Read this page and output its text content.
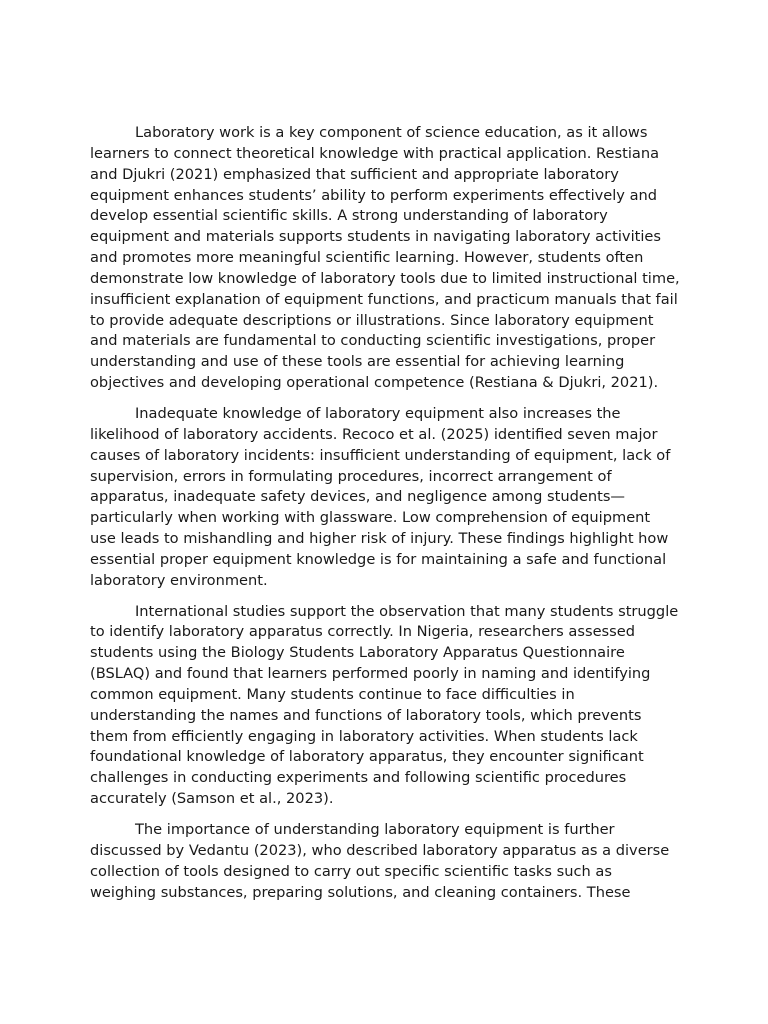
Laboratory work is a key component of science education, as it allows learners to connect theoretical knowledge with practical application. Restiana and Djukri (2021) emphasized that sufficient and appropriate laboratory equipment enhances students’ ability to perform experiments effectively and develop essential scientific skills. A strong understanding of laboratory equipment and materials supports students in navigating laboratory activities and promotes more meaningful scientific learning. However, students often demonstrate low knowledge of laboratory tools due to limited instructional time, insufficient explanation of equipment functions, and practicum manuals that fail to provide adequate descriptions or illustrations. Since laboratory equipment and materials are fundamental to conducting scientific investigations, proper understanding and use of these tools are essential for achieving learning objectives and developing operational competence (Restiana & Djukri, 2021).

Inadequate knowledge of laboratory equipment also increases the likelihood of laboratory accidents. Recoco et al. (2025) identified seven major causes of laboratory incidents: insufficient understanding of equipment, lack of supervision, errors in formulating procedures, incorrect arrangement of apparatus, inadequate safety devices, and negligence among students—particularly when working with glassware. Low comprehension of equipment use leads to mishandling and higher risk of injury. These findings highlight how essential proper equipment knowledge is for maintaining a safe and functional laboratory environment.

International studies support the observation that many students struggle to identify laboratory apparatus correctly. In Nigeria, researchers assessed students using the Biology Students Laboratory Apparatus Questionnaire (BSLAQ) and found that learners performed poorly in naming and identifying common equipment. Many students continue to face difficulties in understanding the names and functions of laboratory tools, which prevents them from efficiently engaging in laboratory activities. When students lack foundational knowledge of laboratory apparatus, they encounter significant challenges in conducting experiments and following scientific procedures accurately (Samson et al., 2023).

The importance of understanding laboratory equipment is further discussed by Vedantu (2023), who described laboratory apparatus as a diverse collection of tools designed to carry out specific scientific tasks such as weighing substances, preparing solutions, and cleaning containers. These
